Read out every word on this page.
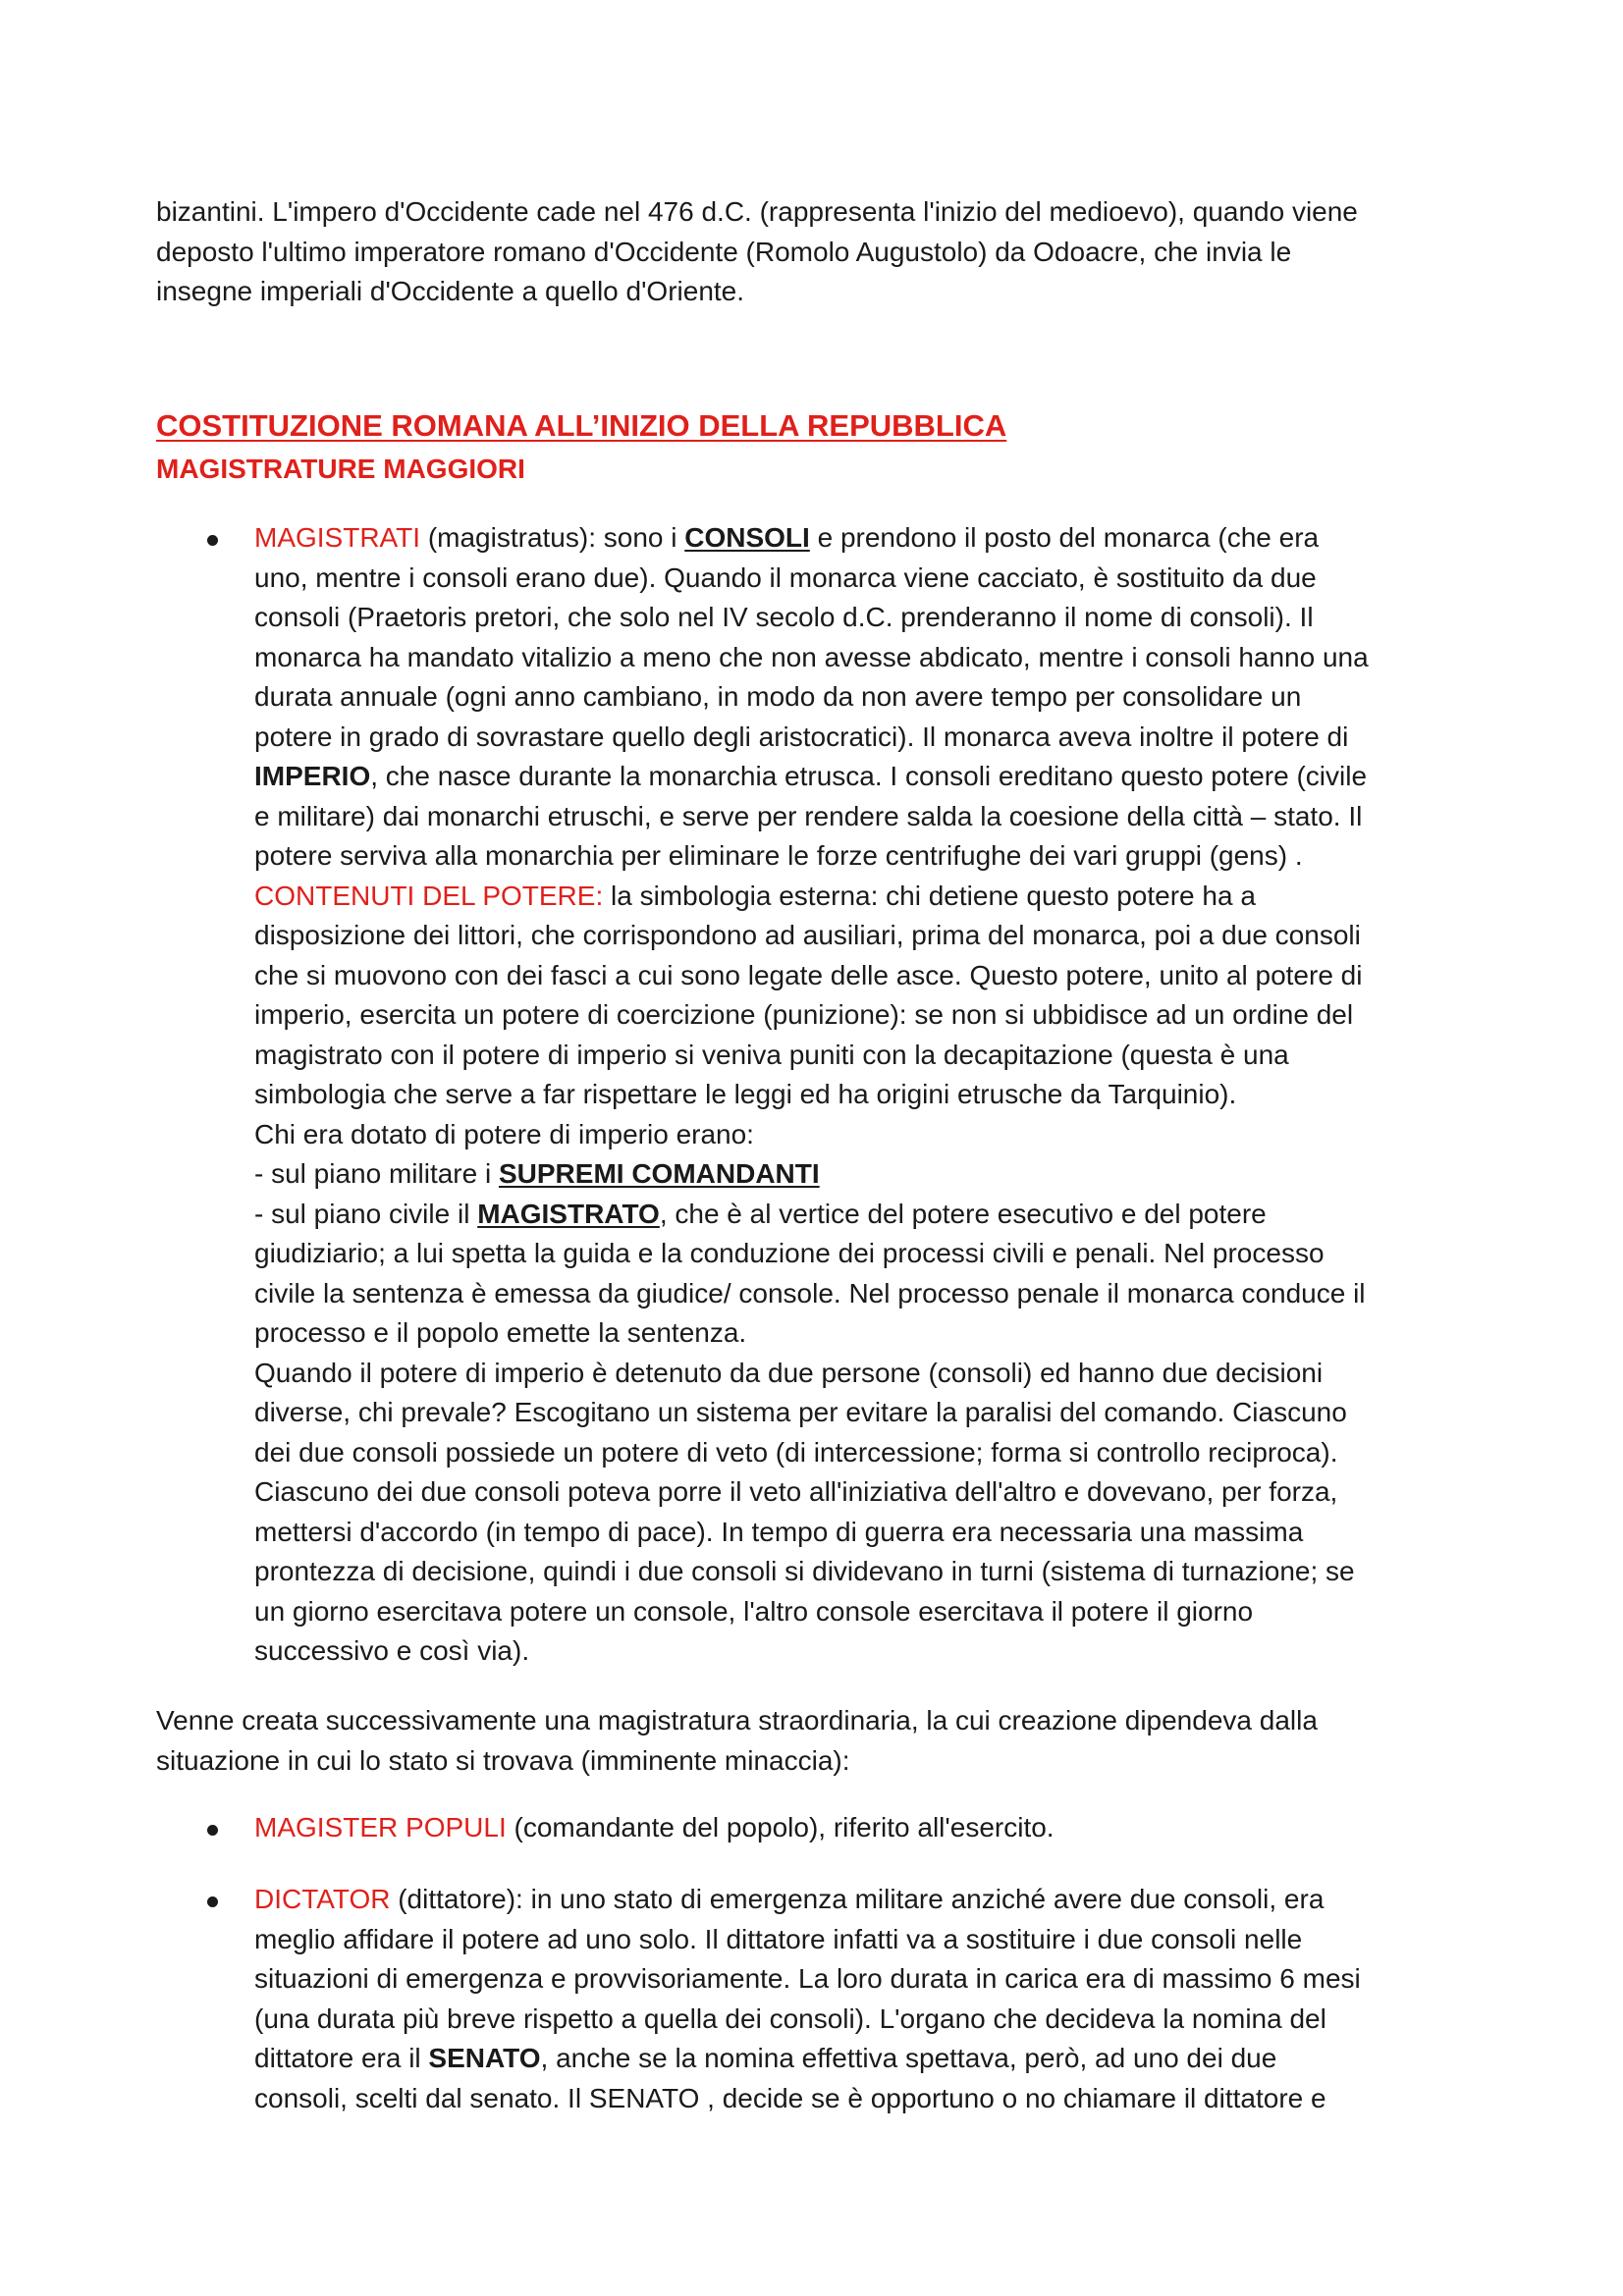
bizantini. L'impero d'Occidente cade nel 476 d.C. (rappresenta l'inizio del medioevo), quando viene
deposto l'ultimo imperatore romano d'Occidente (Romolo Augustolo) da Odoacre, che invia le
insegne imperiali d'Occidente a quello d'Oriente.
COSTITUZIONE ROMANA ALL’INIZIO DELLA REPUBBLICA
MAGISTRATURE MAGGIORI
MAGISTRATI (magistratus): sono i CONSOLI e prendono il posto del monarca (che era
uno, mentre i consoli erano due). Quando il monarca viene cacciato, è sostituito da due
consoli (Praetoris pretori, che solo nel IV secolo d.C. prenderanno il nome di consoli). Il
monarca ha mandato vitalizio a meno che non avesse abdicato, mentre i consoli hanno una
durata annuale (ogni anno cambiano, in modo da non avere tempo per consolidare un
potere in grado di sovrastare quello degli aristocratici). Il monarca aveva inoltre il potere di
IMPERIO, che nasce durante la monarchia etrusca. I consoli ereditano questo potere (civile
e militare) dai monarchi etruschi, e serve per rendere salda la coesione della città – stato. Il
potere serviva alla monarchia per eliminare le forze centrifughe dei vari gruppi (gens) .
CONTENUTI DEL POTERE: la simbologia esterna: chi detiene questo potere ha a
disposizione dei littori, che corrispondono ad ausiliari, prima del monarca, poi a due consoli
che si muovono con dei fasci a cui sono legate delle asce. Questo potere, unito al potere di
imperio, esercita un potere di coercizione (punizione): se non si ubbidisce ad un ordine del
magistrato con il potere di imperio si veniva puniti con la decapitazione (questa è una
simbologia che serve a far rispettare le leggi ed ha origini etrusche da Tarquinio).
Chi era dotato di potere di imperio erano:
- sul piano militare i SUPREMI COMANDANTI
- sul piano civile il MAGISTRATO, che è al vertice del potere esecutivo e del potere
giudiziario; a lui spetta la guida e la conduzione dei processi civili e penali. Nel processo
civile la sentenza è emessa da giudice/ console. Nel processo penale il monarca conduce il
processo e il popolo emette la sentenza.
Quando il potere di imperio è detenuto da due persone (consoli) ed hanno due decisioni
diverse, chi prevale? Escogitano un sistema per evitare la paralisi del comando. Ciascuno
dei due consoli possiede un potere di veto (di intercessione; forma si controllo reciproca).
Ciascuno dei due consoli poteva porre il veto all'iniziativa dell'altro e dovevano, per forza,
mettersi d'accordo (in tempo di pace). In tempo di guerra era necessaria una massima
prontezza di decisione, quindi i due consoli si dividevano in turni (sistema di turnazione; se
un giorno esercitava potere un console, l'altro console esercitava il potere il giorno
successivo e così via).
Venne creata successivamente una magistratura straordinaria, la cui creazione dipendeva dalla
situazione in cui lo stato si trovava (imminente minaccia):
MAGISTER POPULI (comandante del popolo), riferito all'esercito.
DICTATOR (dittatore): in uno stato di emergenza militare anziché avere due consoli, era
meglio affidare il potere ad uno solo. Il dittatore infatti va a sostituire i due consoli nelle
situazioni di emergenza e provvisoriamente. La loro durata in carica era di massimo 6 mesi
(una durata più breve rispetto a quella dei consoli). L'organo che decideva la nomina del
dittatore era il SENATO, anche se la nomina effettiva spettava, però, ad uno dei due
consoli, scelti dal senato. Il SENATO , decide se è opportuno o no chiamare il dittatore e
